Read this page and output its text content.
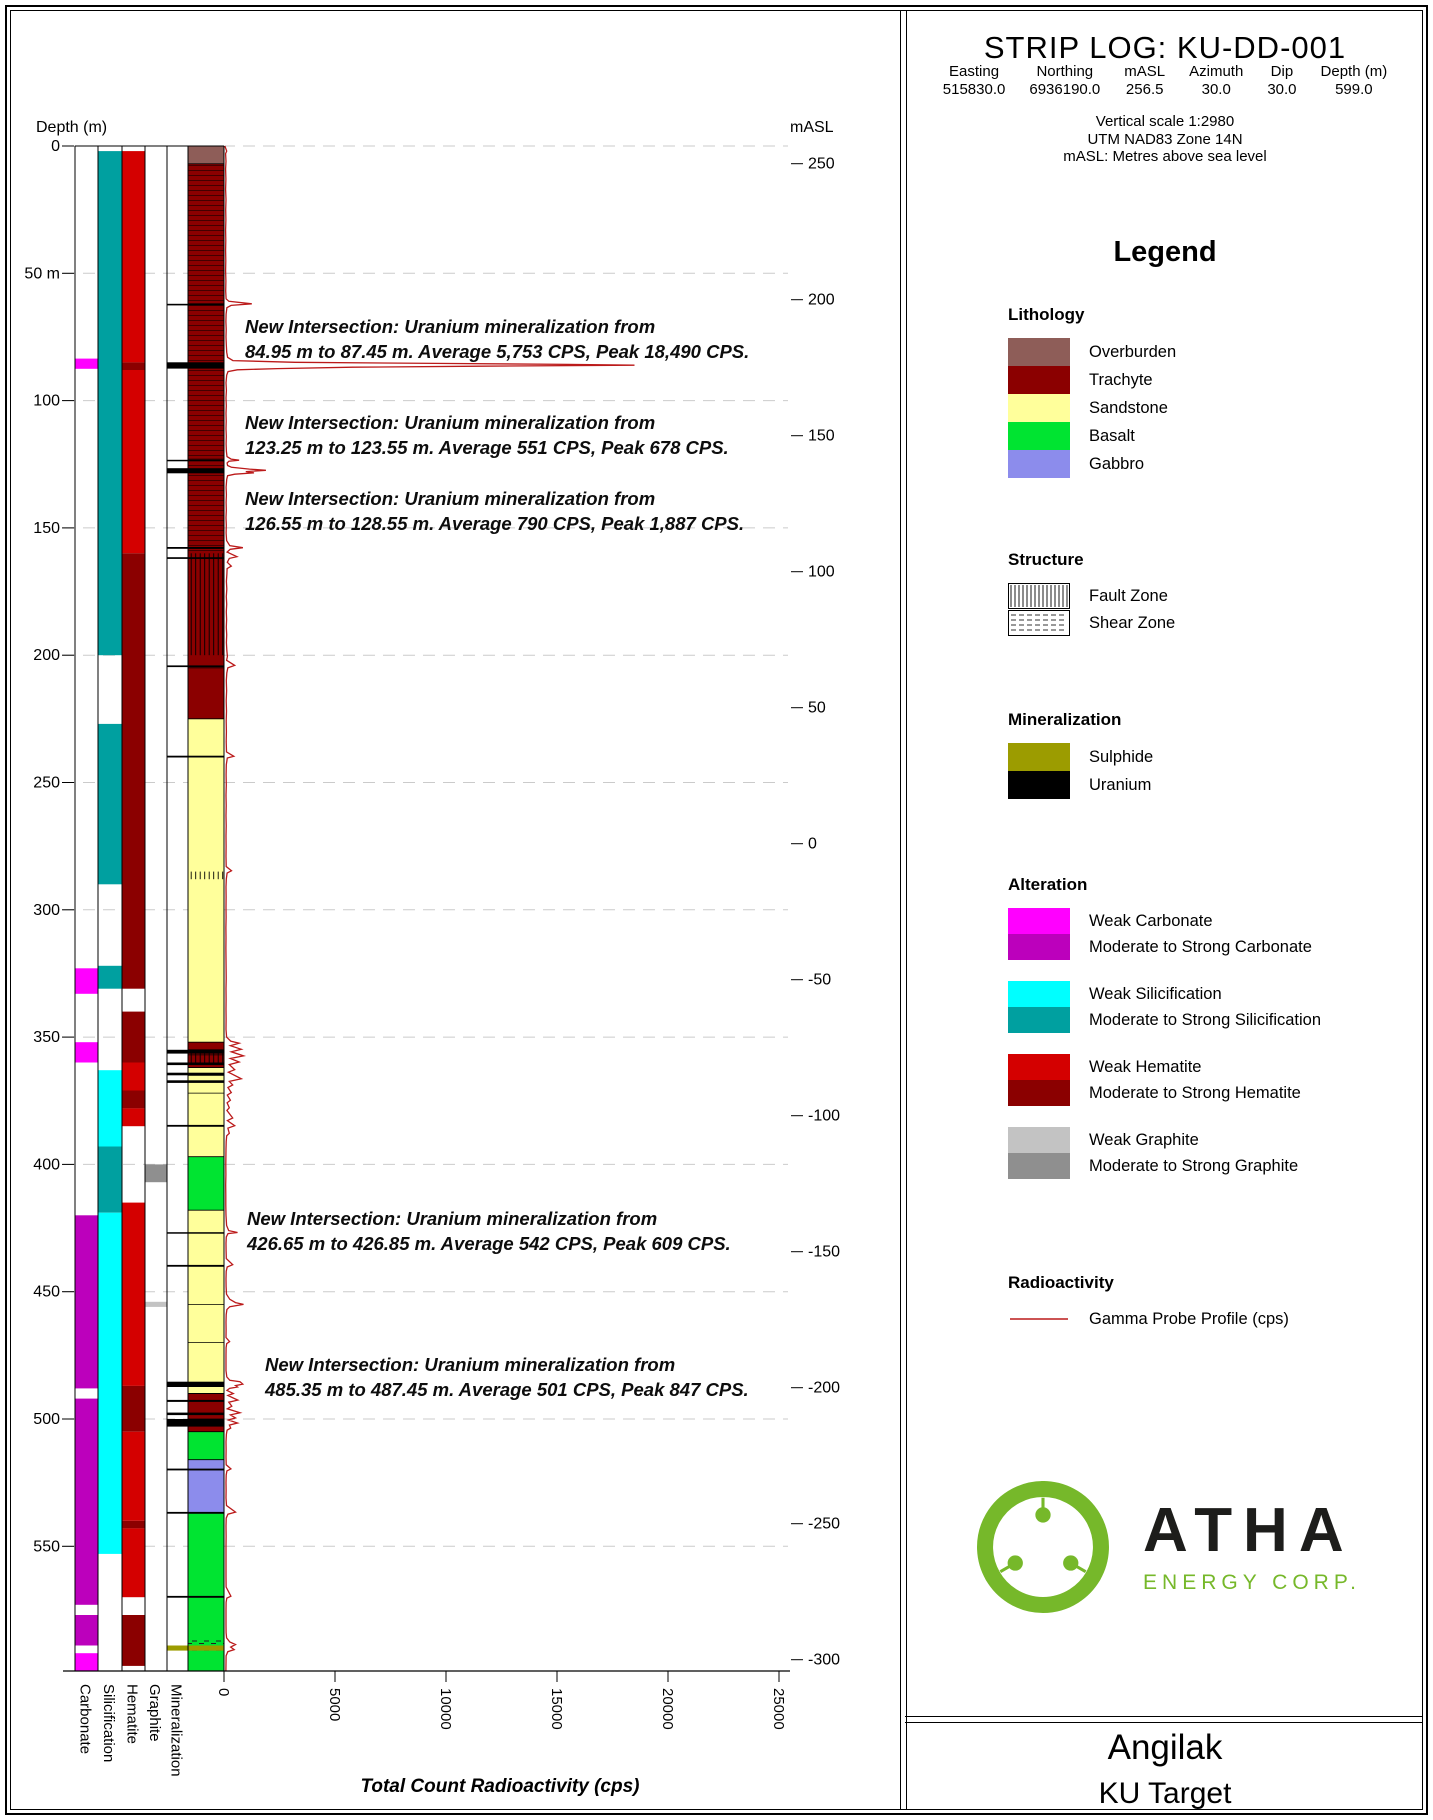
0
50 m
100
150
200
250
300
350
400
450
500
550
250
200
150
100
50
0
-50
-100
-150
-200
-250
-300
Depth (m)	mASL
0	5000	10000	15000	20000	25000
Total Count Radioactivity (cps)
Carbonate Silicification Hematite Graphite Mineralization
New Intersection: Uranium mineralization from
84.95 m to 87.45 m. Average 5,753 CPS, Peak 18,490 CPS.
New Intersection: Uranium mineralization from
123.25 m to 123.55 m. Average 551 CPS, Peak 678 CPS.
New Intersection: Uranium mineralization from
126.55 m to 128.55 m. Average 790 CPS, Peak 1,887 CPS.
New Intersection: Uranium mineralization from
426.65 m to 426.85 m. Average 542 CPS, Peak 609 CPS.
New Intersection: Uranium mineralization from
485.35 m to 487.45 m. Average 501 CPS, Peak 847 CPS.
STRIP LOG: KU-DD-001
Easting
515830.0
Northing
6936190.0
mASL
256.5
Azimuth
30.0
Dip
30.0
Depth (m)
599.0
Vertical scale 1:2980
UTM NAD83 Zone 14N
mASL: Metres above sea level
Legend
Lithology
Overburden
Trachyte
Sandstone
Basalt
Gabbro
Structure
Fault Zone
Shear Zone
Mineralization
Sulphide
Uranium
Alteration
Weak Carbonate
Moderate to Strong Carbonate
Weak Silicification
Moderate to Strong Silicification
Weak Hematite
Moderate to Strong Hematite
Weak Graphite
Moderate to Strong Graphite
Radioactivity
Gamma Probe Profile (cps)
ATHA
ENERGY CORP.
Angilak
KU Target
